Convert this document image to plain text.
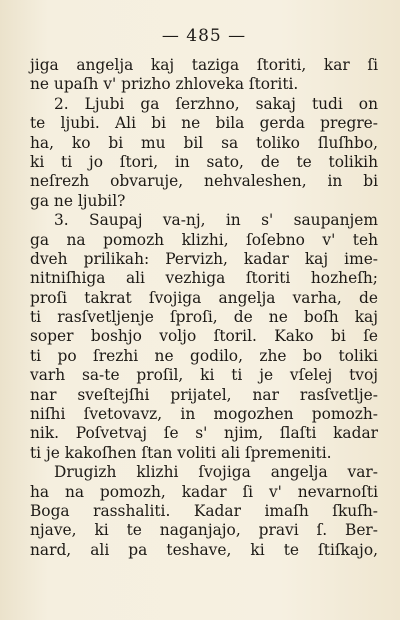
— 485 —
jiga angelja kaj taziga ſtoriti, kar ſi
ne upaſh v' prizho zhloveka ſtoriti.
2. Ljubi ga ſerzhno, sakaj tudi on
te ljubi. Ali bi ne bila gerda pregre-
ha, ko bi mu bil sa toliko ſluſhbo,
ki ti jo ſtori, in sato, de te tolikih
neſrezh obvaruje, nehvaleshen, in bi
ga ne ljubil?
3. Saupaj va-nj, in s' saupanjem
ga na pomozh klizhi, ſoſebno v' teh
dveh prilikah: Pervizh, kadar kaj ime-
nitniſhiga ali vezhiga ſtoriti hozheſh;
proſi takrat ſvojiga angelja varha, de
ti rasſvetljenje ſproſi, de ne boſh kaj
soper boshjo voljo ſtoril. Kako bi ſe
ti po ſrezhi ne godilo, zhe bo toliki
varh sa-te proſil, ki ti je vſelej tvoj
nar sveſtejſhi prijatel, nar rasſvetlje-
niſhi ſvetovavz, in mogozhen pomozh-
nik. Poſvetvaj ſe s' njim, ſlaſti kadar
ti je kakoſhen ſtan voliti ali ſpremeniti.
Drugizh klizhi ſvojiga angelja var-
ha na pomozh, kadar ſi v' nevarnoſti
Boga rasshaliti. Kadar imaſh ſkuſh-
njave, ki te naganjajo, pravi ſ. Ber-
nard, ali pa teshave, ki te ſtiſkajo,
